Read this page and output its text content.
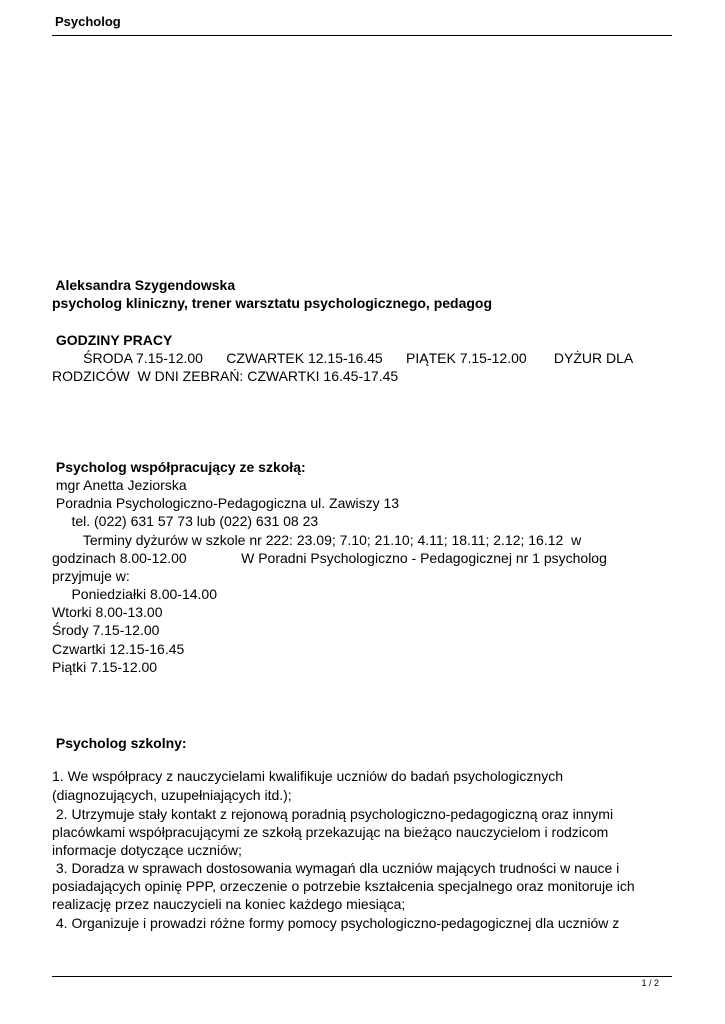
Psycholog
Aleksandra Szygendowska
psycholog kliniczny, trener warsztatu psychologicznego, pedagog
GODZINY PRACY
ŚRODA 7.15-12.00      CZWARTEK 12.15-16.45      PIĄTEK 7.15-12.00       DYŻUR DLA
RODZICÓW  W DNI ZEBRAŃ: CZWARTKI 16.45-17.45
Psycholog współpracujący ze szkołą:
mgr Anetta Jeziorska
Poradnia Psychologiczno-Pedagogiczna ul. Zawiszy 13
tel. (022) 631 57 73 lub (022) 631 08 23
Terminy dyżurów w szkole nr 222: 23.09; 7.10; 21.10; 4.11; 18.11; 2.12; 16.12  w
godzinach 8.00-12.00              W Poradni Psychologiczno - Pedagogicznej nr 1 psycholog
przyjmuje w:
Poniedziałki 8.00-14.00
Wtorki 8.00-13.00
Środy 7.15-12.00
Czwartki 12.15-16.45
Piątki 7.15-12.00
Psycholog szkolny:
1. We współpracy z nauczycielami kwalifikuje uczniów do badań psychologicznych
(diagnozujących, uzupełniających itd.);
2. Utrzymuje stały kontakt z rejonową poradnią psychologiczno-pedagogiczną oraz innymi
placówkami współpracującymi ze szkołą przekazując na bieżąco nauczycielom i rodzicom
informacje dotyczące uczniów;
3. Doradza w sprawach dostosowania wymagań dla uczniów mających trudności w nauce i
posiadających opinię PPP, orzeczenie o potrzebie kształcenia specjalnego oraz monitoruje ich
realizację przez nauczycieli na koniec każdego miesiąca;
4. Organizuje i prowadzi różne formy pomocy psychologiczno-pedagogicznej dla uczniów z
1 / 2
